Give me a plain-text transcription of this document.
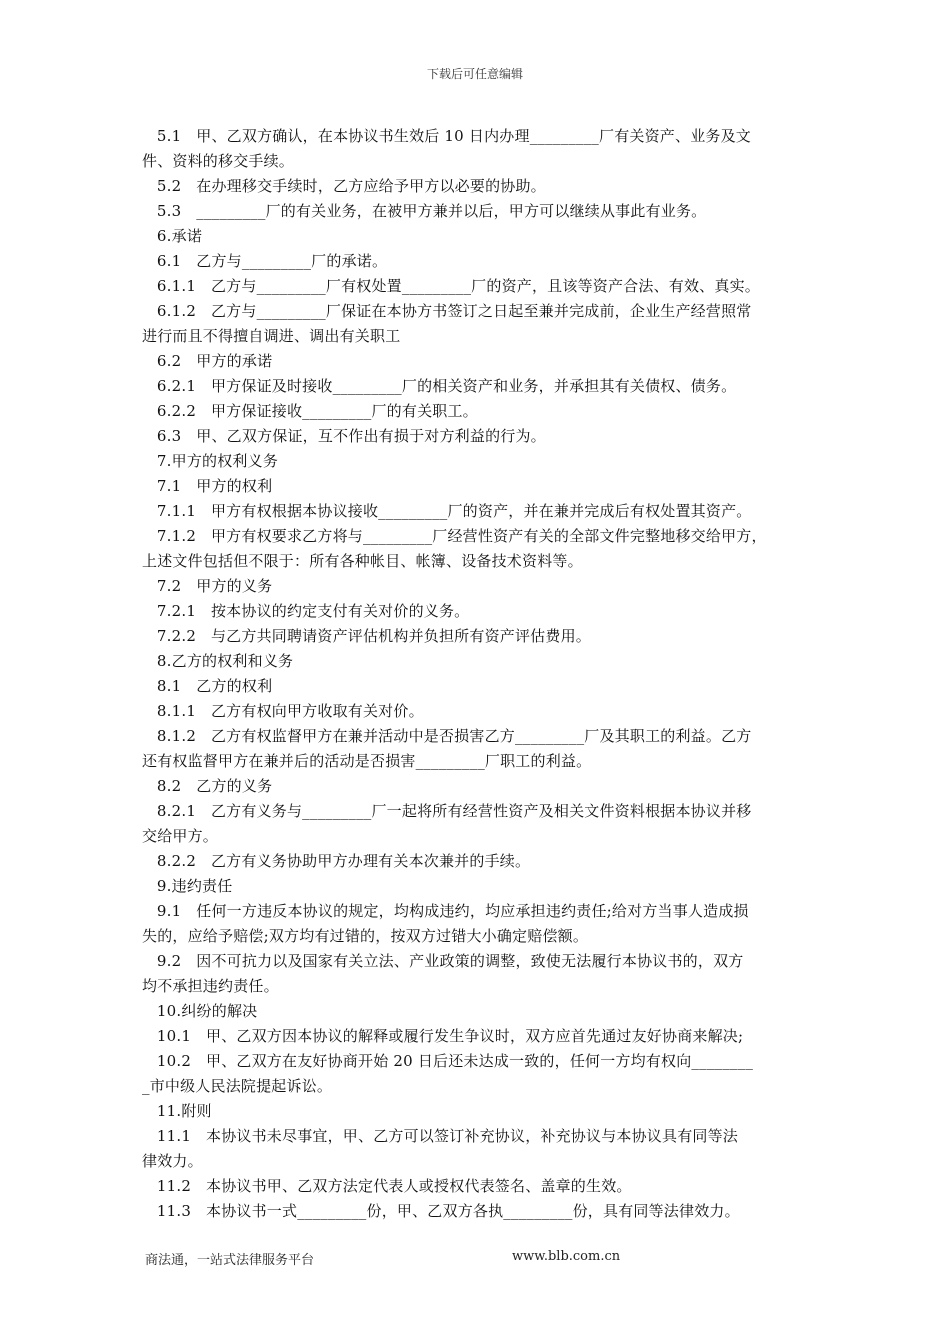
下载后可任意编辑
5.1   甲、乙双方确认，在本协议书生效后 10 日内办理_________厂有关资产、业务及文
件、资料的移交手续。
5.2   在办理移交手续时，乙方应给予甲方以必要的协助。
5.3   _________厂的有关业务，在被甲方兼并以后，甲方可以继续从事此有业务。
6.承诺
6.1   乙方与_________厂的承诺。
6.1.1   乙方与_________厂有权处置_________厂的资产，且该等资产合法、有效、真实。
6.1.2   乙方与_________厂保证在本协方书签订之日起至兼并完成前，企业生产经营照常
进行而且不得擅自调进、调出有关职工
6.2   甲方的承诺
6.2.1   甲方保证及时接收_________厂的相关资产和业务，并承担其有关债权、债务。
6.2.2   甲方保证接收_________厂的有关职工。
6.3   甲、乙双方保证，互不作出有损于对方利益的行为。
7.甲方的权利义务
7.1   甲方的权利
7.1.1   甲方有权根据本协议接收_________厂的资产，并在兼并完成后有权处置其资产。
7.1.2   甲方有权要求乙方将与_________厂经营性资产有关的全部文件完整地移交给甲方，
上述文件包括但不限于：所有各种帐目、帐簿、设备技术资料等。
7.2   甲方的义务
7.2.1   按本协议的约定支付有关对价的义务。
7.2.2   与乙方共同聘请资产评估机构并负担所有资产评估费用。
8.乙方的权利和义务
8.1   乙方的权利
8.1.1   乙方有权向甲方收取有关对价。
8.1.2   乙方有权监督甲方在兼并活动中是否损害乙方_________厂及其职工的利益。乙方
还有权监督甲方在兼并后的活动是否损害_________厂职工的利益。
8.2   乙方的义务
8.2.1   乙方有义务与_________厂一起将所有经营性资产及相关文件资料根据本协议并移
交给甲方。
8.2.2   乙方有义务协助甲方办理有关本次兼并的手续。
9.违约责任
9.1   任何一方违反本协议的规定，均构成违约，均应承担违约责任;给对方当事人造成损
失的，应给予赔偿;双方均有过错的，按双方过错大小确定赔偿额。
9.2   因不可抗力以及国家有关立法、产业政策的调整，致使无法履行本协议书的，双方
均不承担违约责任。
10.纠纷的解决
10.1   甲、乙双方因本协议的解释或履行发生争议时，双方应首先通过友好协商来解决;
10.2   甲、乙双方在友好协商开始 20 日后还未达成一致的，任何一方均有权向________
_市中级人民法院提起诉讼。
11.附则
11.1   本协议书未尽事宜，甲、乙方可以签订补充协议，补充协议与本协议具有同等法
律效力。
11.2   本协议书甲、乙双方法定代表人或授权代表签名、盖章的生效。
11.3   本协议书一式_________份，甲、乙双方各执_________份，具有同等法律效力。
商法通，一站式法律服务平台	www.blb.com.cn
